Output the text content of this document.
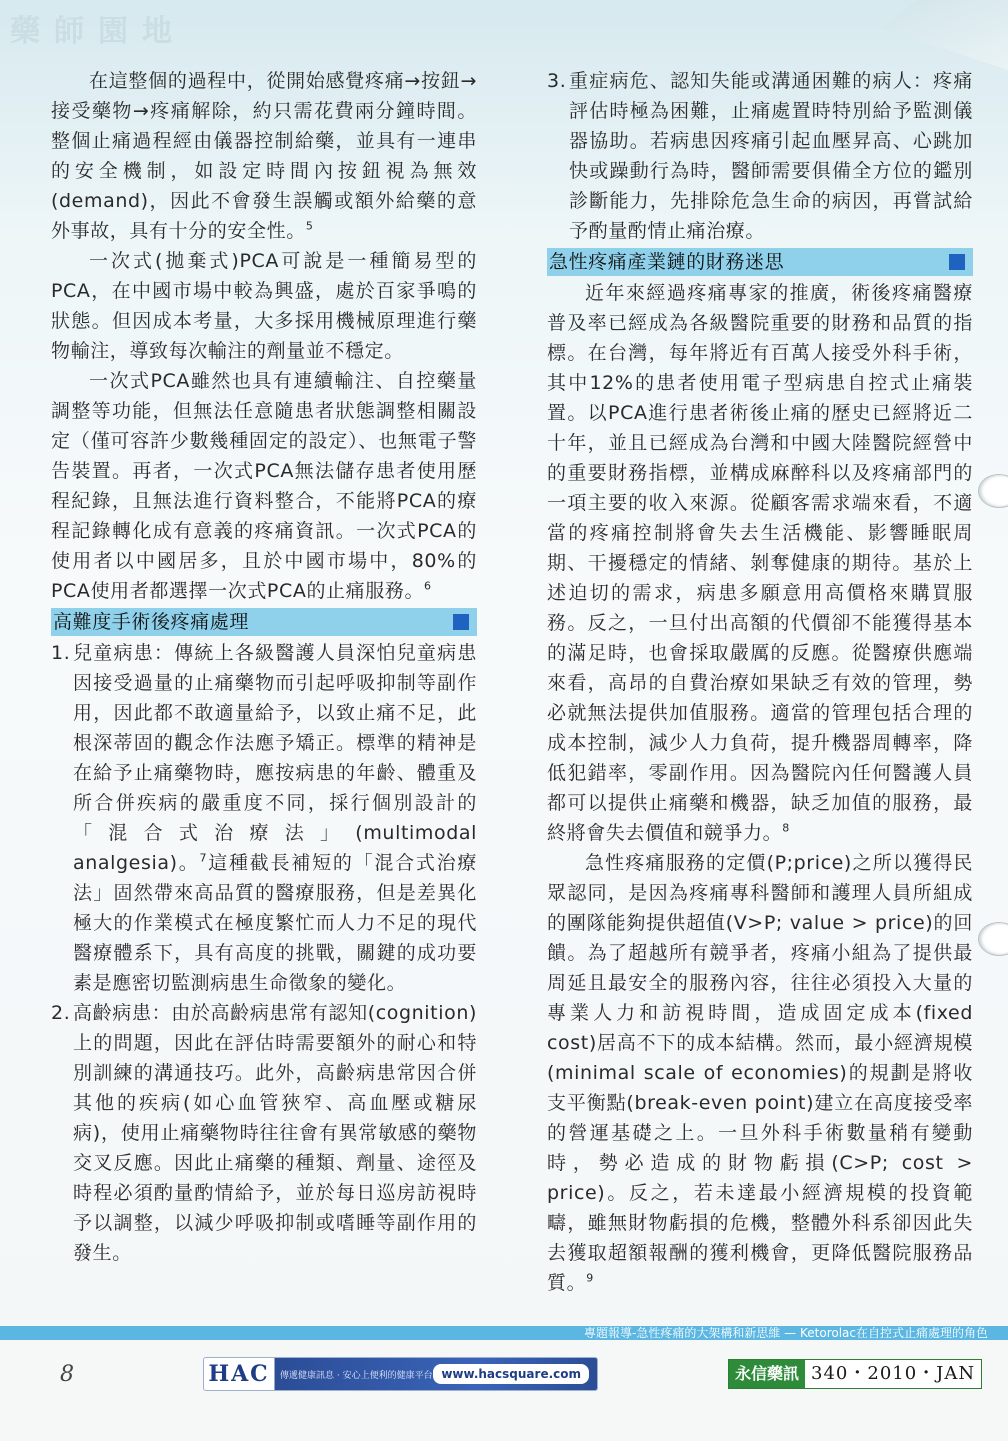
藥師園地

在這整個的過程中，從開始感覺疼痛→按鈕→接受藥物→疼痛解除，約只需花費兩分鐘時間。整個止痛過程經由儀器控制給藥，並具有一連串的安全機制，如設定時間內按鈕視為無效(demand)，因此不會發生誤觸或額外給藥的意外事故，具有十分的安全性。$^5$

一次式(拋棄式)PCA可說是一種簡易型的PCA，在中國市場中較為興盛，處於百家爭鳴的狀態。但因成本考量，大多採用機械原理進行藥物輸注，導致每次輸注的劑量並不穩定。

一次式PCA雖然也具有連續輸注、自控藥量調整等功能，但無法任意隨患者狀態調整相關設定（僅可容許少數幾種固定的設定）、也無電子警告裝置。再者，一次式PCA無法儲存患者使用歷程紀錄，且無法進行資料整合，不能將PCA的療程記錄轉化成有意義的疼痛資訊。一次式PCA的使用者以中國居多，且於中國市場中，80%的PCA使用者都選擇一次式PCA的止痛服務。$^6$

高難度手術後疼痛處理
1. 兒童病患：傳統上各級醫護人員深怕兒童病患因接受過量的止痛藥物而引起呼吸抑制等副作用，因此都不敢適量給予，以致止痛不足，此根深蒂固的觀念作法應予矯正。標準的精神是在給予止痛藥物時，應按病患的年齡、體重及所合併疾病的嚴重度不同，採行個別設計的「混合式治療法」(multimodal analgesia)。$^7$這種截長補短的「混合式治療法」固然帶來高品質的醫療服務，但是差異化極大的作業模式在極度繁忙而人力不足的現代醫療體系下，具有高度的挑戰，關鍵的成功要素是應密切監測病患生命徵象的變化。
2. 高齡病患：由於高齡病患常有認知(cognition)上的問題，因此在評估時需要額外的耐心和特別訓練的溝通技巧。此外，高齡病患常因合併其他的疾病(如心血管狹窄、高血壓或糖尿病)，使用止痛藥物時往往會有異常敏感的藥物交叉反應。因此止痛藥的種類、劑量、途徑及時程必須酌量酌情給予，並於每日巡房訪視時予以調整，以減少呼吸抑制或嗜睡等副作用的發生。
3. 重症病危、認知失能或溝通困難的病人：疼痛評估時極為困難，止痛處置時特別給予監測儀器協助。若病患因疼痛引起血壓昇高、心跳加快或躁動行為時，醫師需要俱備全方位的鑑別診斷能力，先排除危急生命的病因，再嘗試給予酌量酌情止痛治療。
急性疼痛產業鏈的財務迷思

近年來經過疼痛專家的推廣，術後疼痛醫療普及率已經成為各級醫院重要的財務和品質的指標。在台灣，每年將近有百萬人接受外科手術，其中12%的患者使用電子型病患自控式止痛裝置。以PCA進行患者術後止痛的歷史已經將近二十年，並且已經成為台灣和中國大陸醫院經營中的重要財務指標，並構成麻醉科以及疼痛部門的一項主要的收入來源。從顧客需求端來看，不適當的疼痛控制將會失去生活機能、影響睡眠周期、干擾穩定的情緒、剝奪健康的期待。基於上述迫切的需求，病患多願意用高價格來購買服務。反之，一旦付出高額的代價卻不能獲得基本的滿足時，也會採取嚴厲的反應。從醫療供應端來看，高昂的自費治療如果缺乏有效的管理，勢必就無法提供加值服務。適當的管理包括合理的成本控制，減少人力負荷，提升機器周轉率，降低犯錯率，零副作用。因為醫院內任何醫護人員都可以提供止痛藥和機器，缺乏加值的服務，最終將會失去價值和競爭力。$^8$

急性疼痛服務的定價(P;price)之所以獲得民眾認同，是因為疼痛專科醫師和護理人員所組成的團隊能夠提供超值(V>P; value > price)的回饋。為了超越所有競爭者，疼痛小組為了提供最周延且最安全的服務內容，往往必須投入大量的專業人力和訪視時間，造成固定成本(fixed cost)居高不下的成本結構。然而，最小經濟規模(minimal scale of economies)的規劃是將收支平衡點(break-even point)建立在高度接受率的營運基礎之上。一旦外科手術數量稍有變動時，勢必造成的財物虧損(C>P; cost > price)。反之，若未達最小經濟規模的投資範疇，雖無財物虧損的危機，整體外科系卻因此失去獲取超額報酬的獲利機會，更降低醫院服務品質。$^9$

專題報導-急性疼痛的大架構和新思維 — Ketorolac在自控式止痛處理的角色
8	HAC	傳遞健康訊息 · 安心上便利的健康平台 www.hacsquare.com	永信藥訊 340・2010・JAN
